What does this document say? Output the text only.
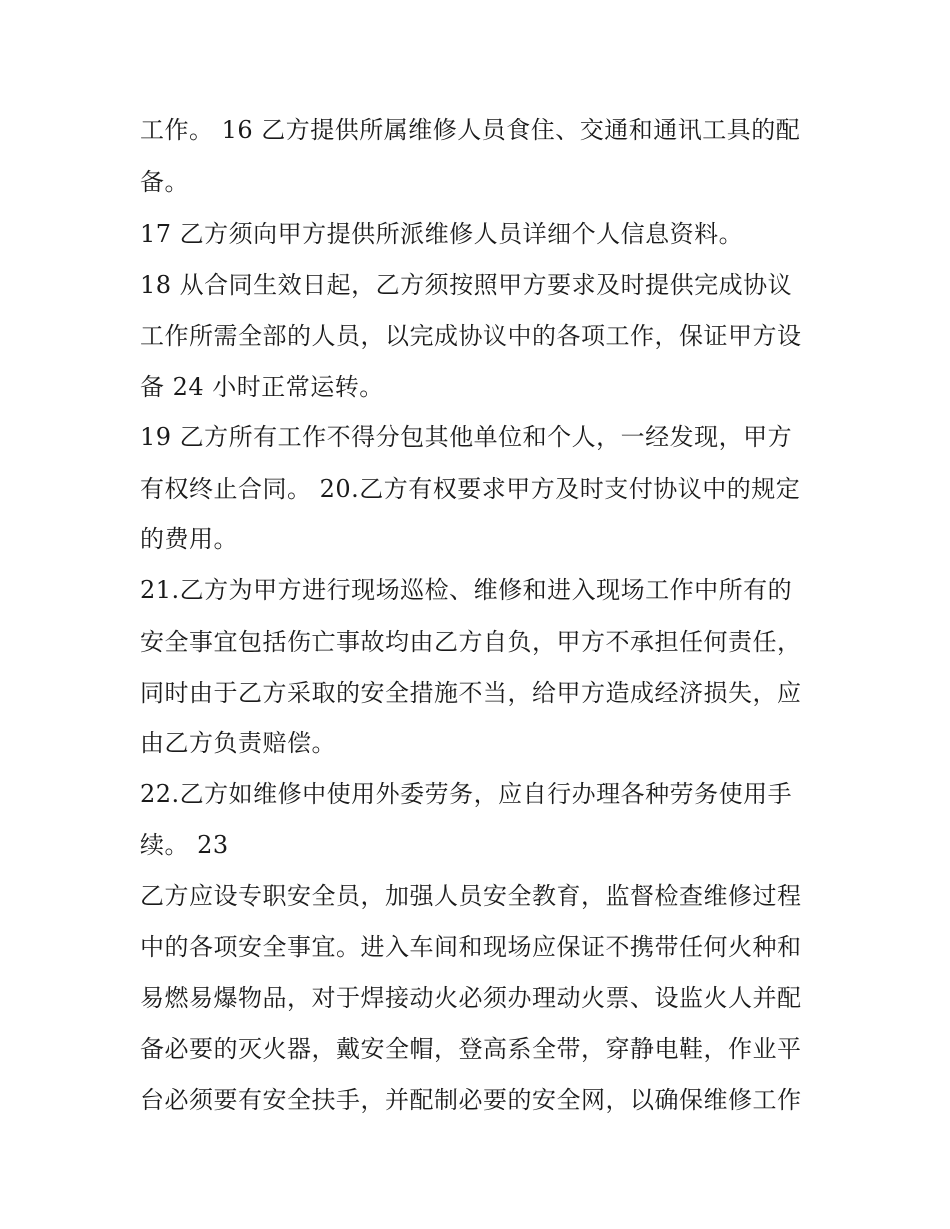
工作。 16 乙方提供所属维修人员食住、交通和通讯工具的配
备。
17 乙方须向甲方提供所派维修人员详细个人信息资料。
18 从合同生效日起，乙方须按照甲方要求及时提供完成协议
工作所需全部的人员，以完成协议中的各项工作，保证甲方设
备 24 小时正常运转。
19 乙方所有工作不得分包其他单位和个人，一经发现，甲方
有权终止合同。 20.乙方有权要求甲方及时支付协议中的规定
的费用。
21.乙方为甲方进行现场巡检、维修和进入现场工作中所有的
安全事宜包括伤亡事故均由乙方自负，甲方不承担任何责任，
同时由于乙方采取的安全措施不当，给甲方造成经济损失，应
由乙方负责赔偿。
22.乙方如维修中使用外委劳务，应自行办理各种劳务使用手
续。 23
乙方应设专职安全员，加强人员安全教育，监督检查维修过程
中的各项安全事宜。进入车间和现场应保证不携带任何火种和
易燃易爆物品，对于焊接动火必须办理动火票、设监火人并配
备必要的灭火器，戴安全帽，登高系全带，穿静电鞋，作业平
台必须要有安全扶手，并配制必要的安全网，以确保维修工作
